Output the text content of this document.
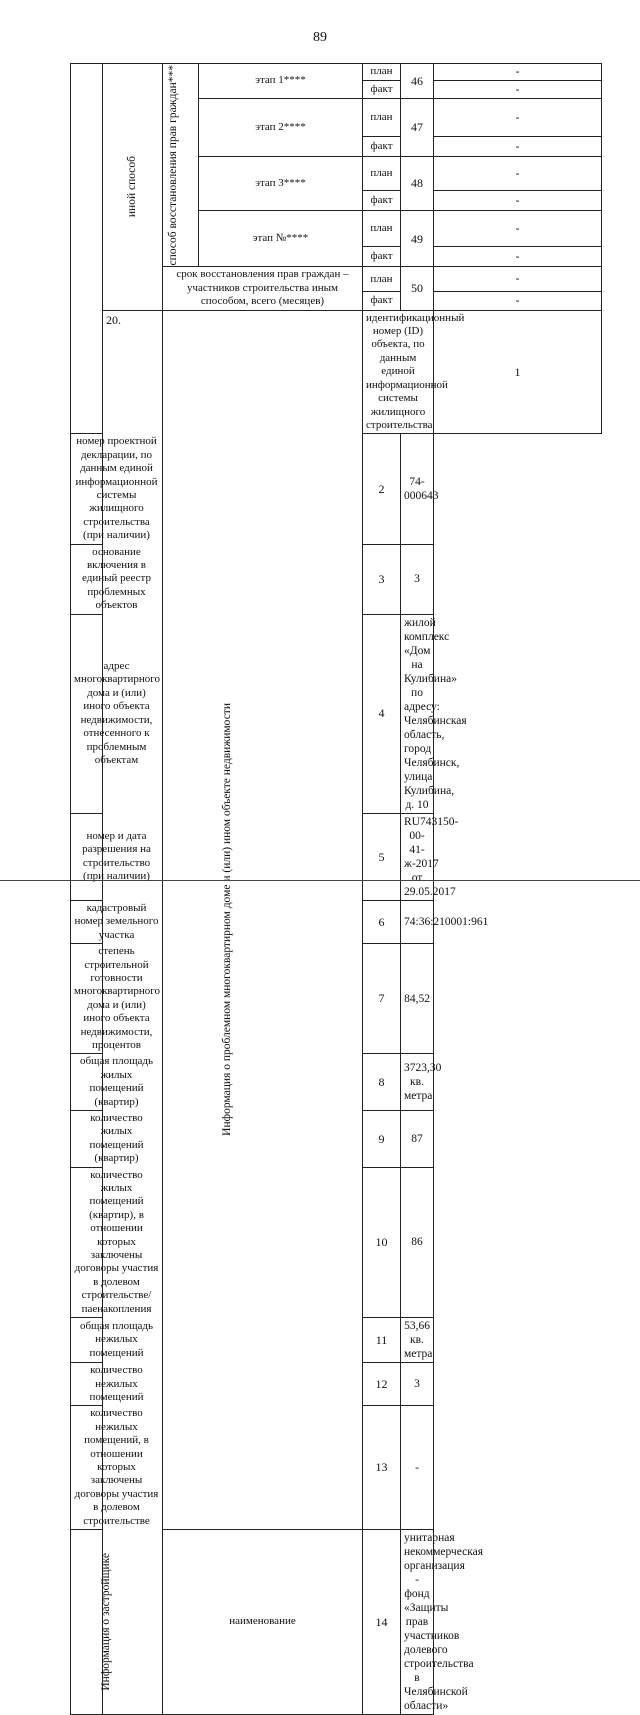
89

	иной способ	способ восстановления прав граждан***	этап 1****	план	46	-	
				факт		-	
			этап 2****	план	47	-	
				факт		-	
			этап 3****	план	48	-	
				факт		-	
			этап №****	план	49	-	
				факт		-	
		срок восстановления прав граждан – участников строительства иным способом, всего (месяцев)		план	50	-	
				факт		-	
	20.	Информация о проблемном многоквартирном доме и (или) ином объекте недвижимости		идентификационный номер (ID) объекта, по данным единой информационной системы жилищного строительства		1	
номер проектной декларации, по данным единой информационной системы жилищного строительства (при наличии)				2	74-000643		
основание включения в единый реестр проблемных объектов				3	3		
адрес многоквартирного дома и (или) иного объекта недвижимости, отнесенного к проблемным объектам				4	жилой комплекс «Дом на Кулибина» по адресу: Челябинская область, город Челябинск, улица Кулибина, д. 10		
номер и дата разрешения на строительство (при наличии)				5	RU743150-00-41-ж-2017 от 29.05.2017		
кадастровый номер земельного участка				6	74:36:210001:961		
степень строительной готовности многоквартирного дома и (или) иного объекта недвижимости, процентов				7	84,52		
общая площадь жилых помещений (квартир)				8	3723,30 кв. метра		
количество жилых помещений (квартир)				9	87		
количество жилых помещений (квартир), в отношении которых заключены договоры участия в долевом строительстве/паенакопления				10	86		
общая площадь нежилых помещений				11	53,66 кв. метра		
количество нежилых помещений				12	3		
количество нежилых помещений, в отношении которых заключены договоры участия в долевом строительстве				13	-		

Информация о застройщике		наименование		14	унитарная некоммерческая организация - фонд «Защиты прав участников долевого строительства в Челябинской области»		
